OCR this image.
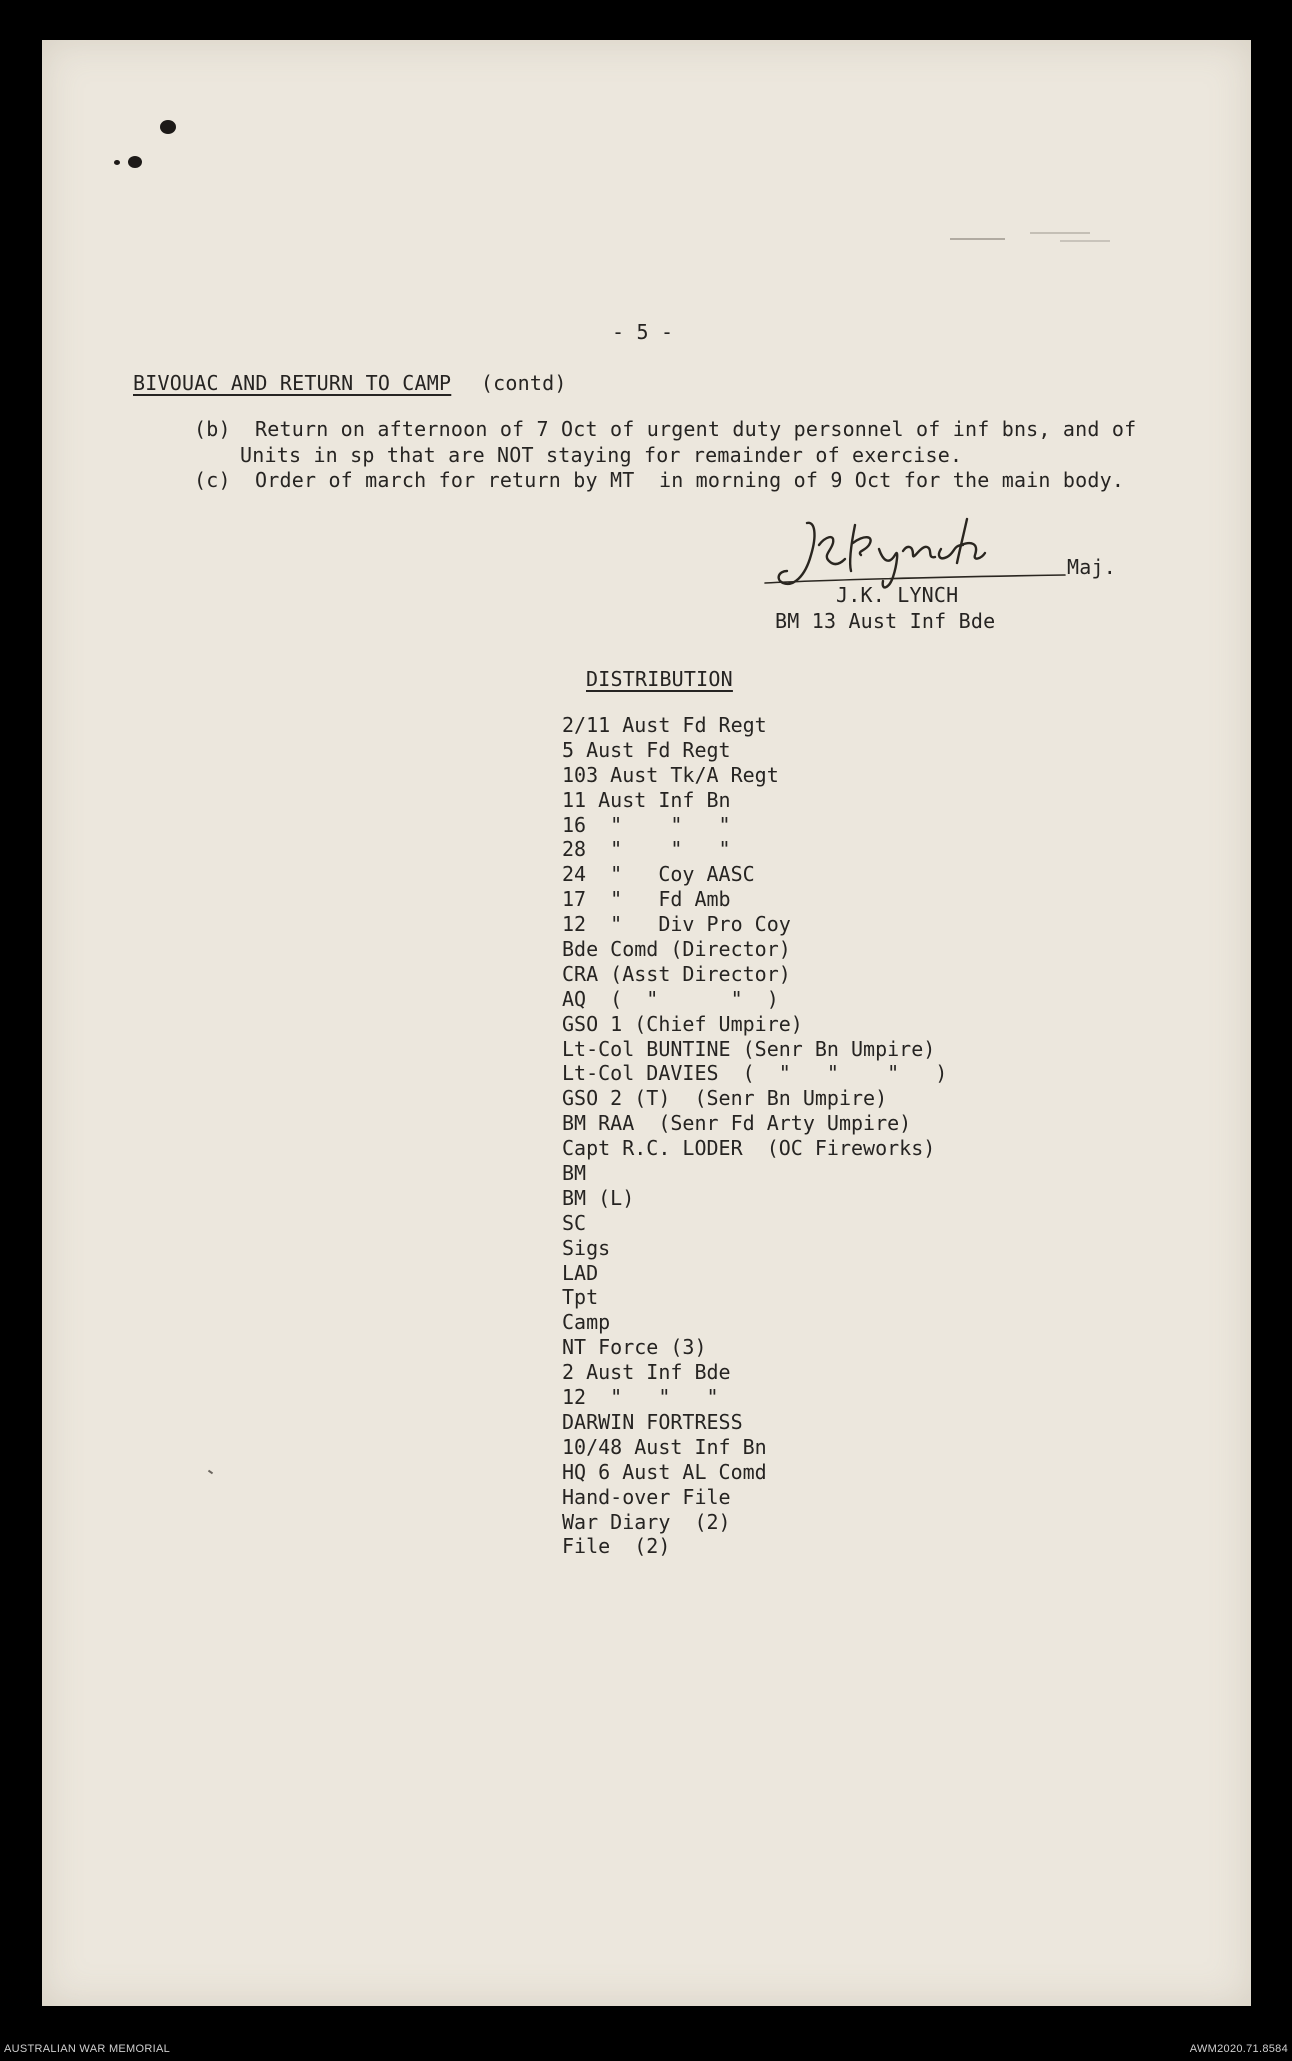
- 5 -
BIVOUAC AND RETURN TO CAMP (contd)
(b) Return on afternoon of 7 Oct of urgent duty personnel of inf bns, and of
Units in sp that are NOT staying for remainder of exercise.
(c) Order of march for return by MT  in morning of 9 Oct for the main body.
Maj.
J.K. LYNCH
BM 13 Aust Inf Bde
DISTRIBUTION
2/11 Aust Fd Regt
5 Aust Fd Regt
103 Aust Tk/A Regt
11 Aust Inf Bn
16  "    "   "
28  "    "   "
24  "   Coy AASC
17  "   Fd Amb
12  "   Div Pro Coy
Bde Comd (Director)
CRA (Asst Director)
AQ  (  "      "  )
GSO 1 (Chief Umpire)
Lt-Col BUNTINE (Senr Bn Umpire)
Lt-Col DAVIES  (  "   "    "   )
GSO 2 (T)  (Senr Bn Umpire)
BM RAA  (Senr Fd Arty Umpire)
Capt R.C. LODER  (OC Fireworks)
BM
BM (L)
SC
Sigs
LAD
Tpt
Camp
NT Force (3)
2 Aust Inf Bde
12  "   "   "
DARWIN FORTRESS
10/48 Aust Inf Bn
HQ 6 Aust AL Comd
Hand-over File
War Diary  (2)
File  (2)
AUSTRALIAN WAR MEMORIAL	AWM2020.71.8584
